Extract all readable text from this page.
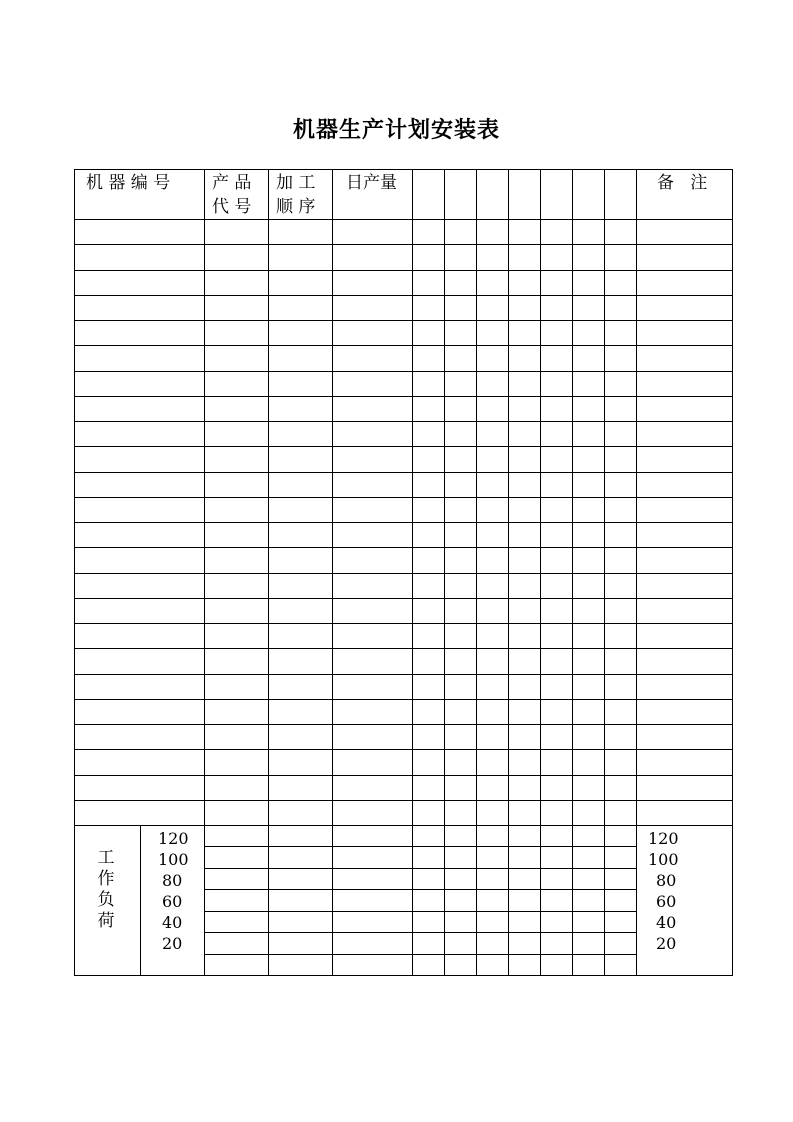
机器生产计划安装表
机 器 编 号 产 品
代 号
加 工
顺 序
日产量	备   注
工
作
负
荷
120
100
80
60
40
20
120
100
80
60
40
20
